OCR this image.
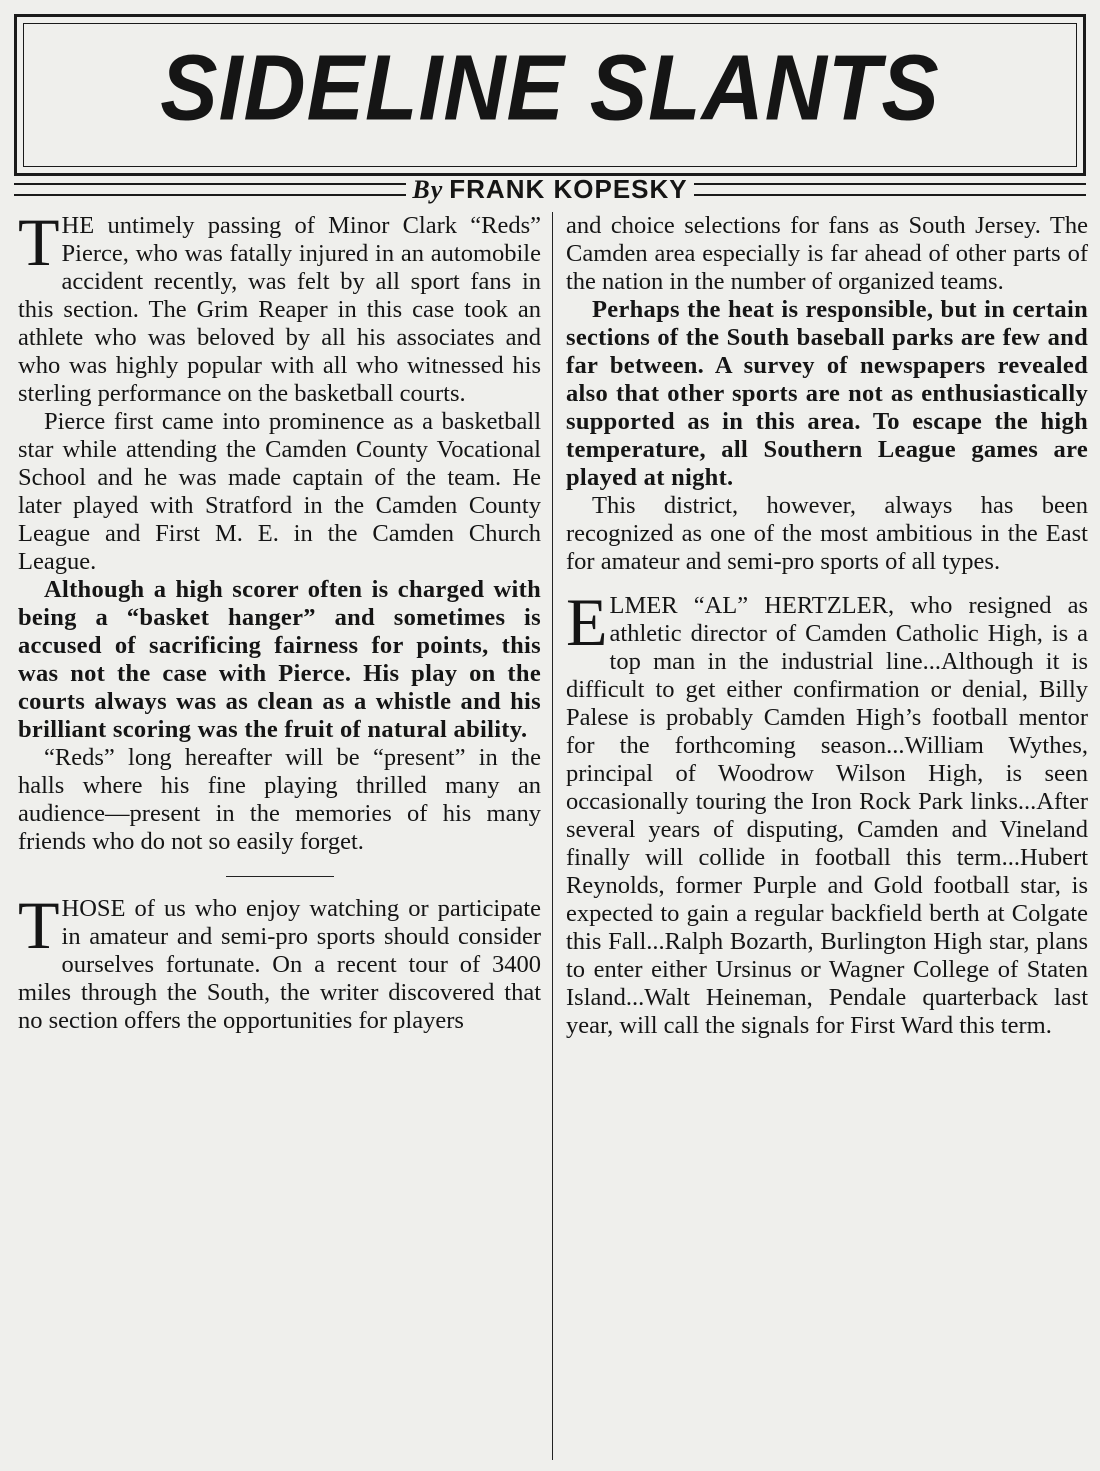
SIDELINE SLANTS
By FRANK KOPESKY

THE untimely passing of Minor Clark “Reds” Pierce, who was fatally injured in an automobile accident recently, was felt by all sport fans in this section. The Grim Reaper in this case took an athlete who was beloved by all his associates and who was highly popular with all who witnessed his sterling performance on the basketball courts.

Pierce first came into prominence as a basketball star while attending the Camden County Vocational School and he was made captain of the team. He later played with Stratford in the Camden County League and First M. E. in the Camden Church League.

Although a high scorer often is charged with being a “basket hanger” and sometimes is accused of sacrificing fairness for points, this was not the case with Pierce. His play on the courts always was as clean as a whistle and his brilliant scoring was the fruit of natural ability.

“Reds” long hereafter will be “present” in the halls where his fine playing thrilled many an audience—present in the memories of his many friends who do not so easily forget.

THOSE of us who enjoy watching or participate in amateur and semi-pro sports should consider ourselves fortunate. On a recent tour of 3400 miles through the South, the writer discovered that no section offers the opportunities for players

and choice selections for fans as South Jersey. The Camden area especially is far ahead of other parts of the nation in the number of organized teams.

Perhaps the heat is responsible, but in certain sections of the South baseball parks are few and far between. A survey of newspapers revealed also that other sports are not as enthusiastically supported as in this area. To escape the high temperature, all Southern League games are played at night.

This district, however, always has been recognized as one of the most ambitious in the East for amateur and semi-pro sports of all types.

ELMER “AL” HERTZLER, who resigned as athletic director of Camden Catholic High, is a top man in the industrial line...Although it is difficult to get either confirmation or denial, Billy Palese is probably Camden High’s football mentor for the forthcoming season...William Wythes, principal of Woodrow Wilson High, is seen occasionally touring the Iron Rock Park links...After several years of disputing, Camden and Vineland finally will collide in football this term...Hubert Reynolds, former Purple and Gold football star, is expected to gain a regular backfield berth at Colgate this Fall...Ralph Bozarth, Burlington High star, plans to enter either Ursinus or Wagner College of Staten Island...Walt Heineman, Pendale quarterback last year, will call the signals for First Ward this term.
